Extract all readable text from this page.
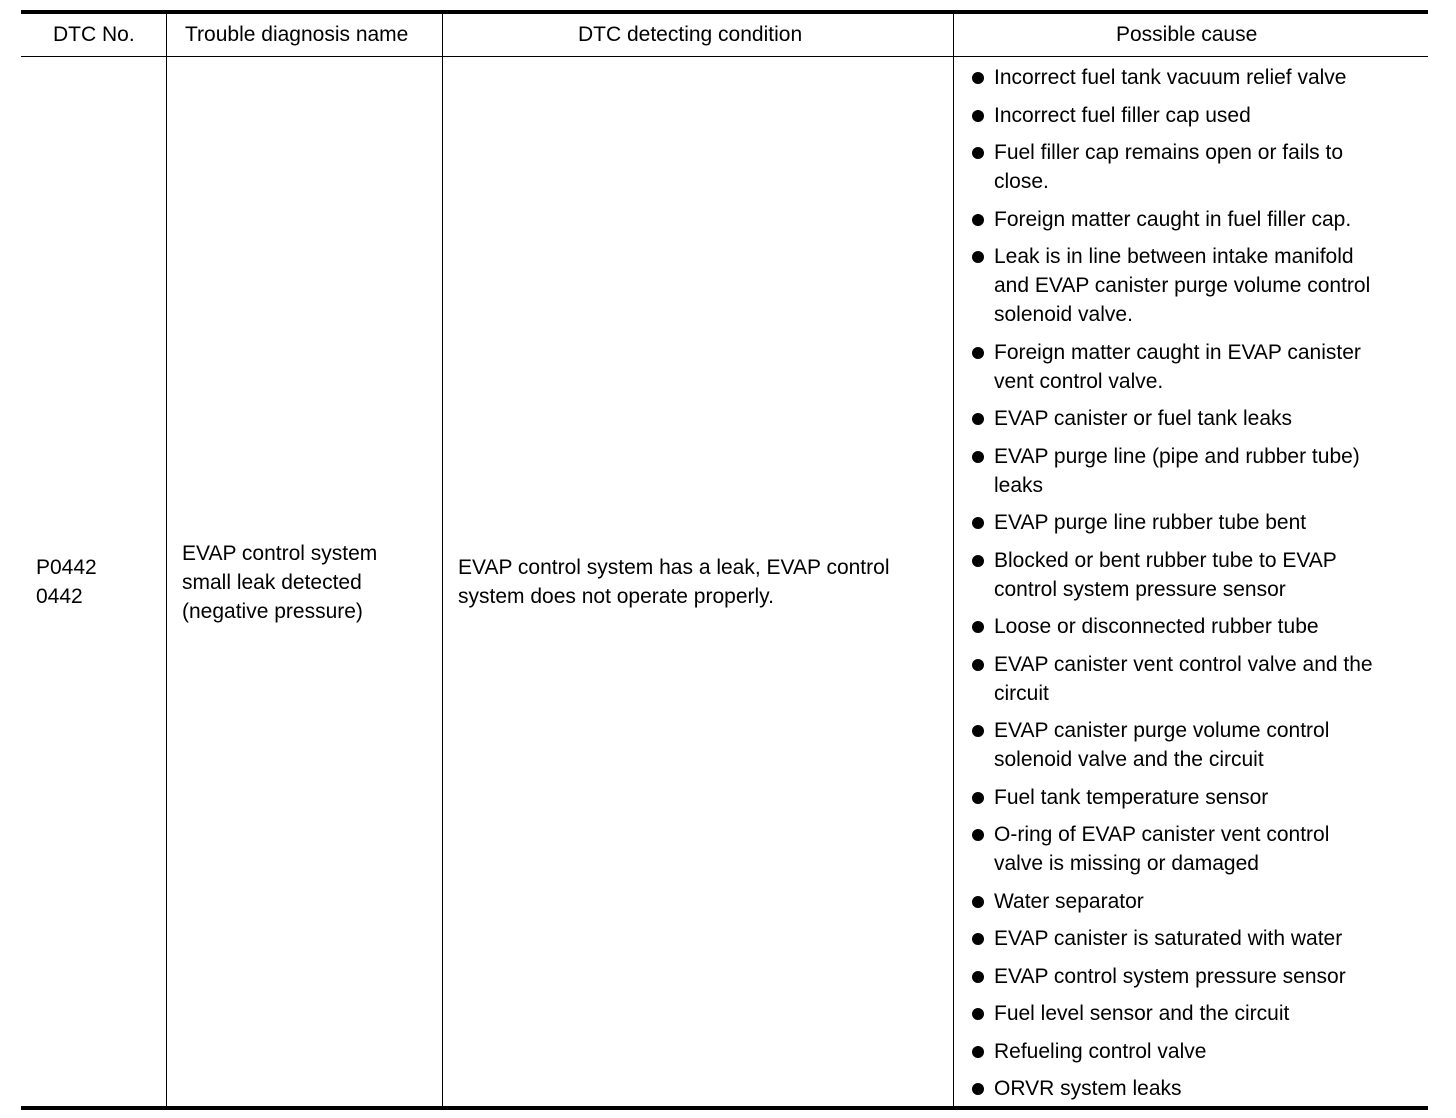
DTC No. Trouble diagnosis name	DTC detecting condition	Possible cause
P0442
0442
EVAP control system
small leak detected
(negative pressure)
EVAP control system has a leak, EVAP control
system does not operate properly.
Incorrect fuel tank vacuum relief valve
Incorrect fuel filler cap used
Fuel filler cap remains open or fails to
close.
Foreign matter caught in fuel filler cap.
Leak is in line between intake manifold
and EVAP canister purge volume control
solenoid valve.
Foreign matter caught in EVAP canister
vent control valve.
EVAP canister or fuel tank leaks
EVAP purge line (pipe and rubber tube)
leaks
EVAP purge line rubber tube bent
Blocked or bent rubber tube to EVAP
control system pressure sensor
Loose or disconnected rubber tube
EVAP canister vent control valve and the
circuit
EVAP canister purge volume control
solenoid valve and the circuit
Fuel tank temperature sensor
O-ring of EVAP canister vent control
valve is missing or damaged
Water separator
EVAP canister is saturated with water
EVAP control system pressure sensor
Fuel level sensor and the circuit
Refueling control valve
ORVR system leaks
